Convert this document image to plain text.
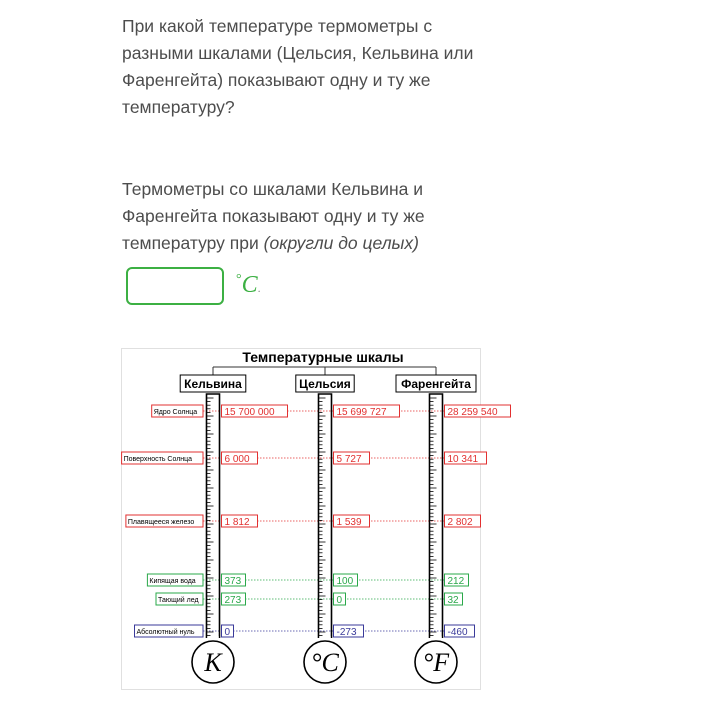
При какой температуре термометры с разными шкалами (Цельсия, Кельвина или Фаренгейта) показывают одну и ту же температуру?

Термометры со шкалами Кельвина и Фаренгейта показывают одну и ту же температуру при (округли до целых)

°C.
Температурные шкалы
Кельвина
K
Цельсия
°C
Фаренгейта
°F
Ядро Солнца
Поверхность Солнца
Плавящееся железо
Кипящая вода
Тающий лед
Абсолютный нуль
15 700 000
6 000
1 812
373
273
0
15 699 727
5 727
1 539
100
0
-273
28 259 540
10 341
2 802
212
32
-460
